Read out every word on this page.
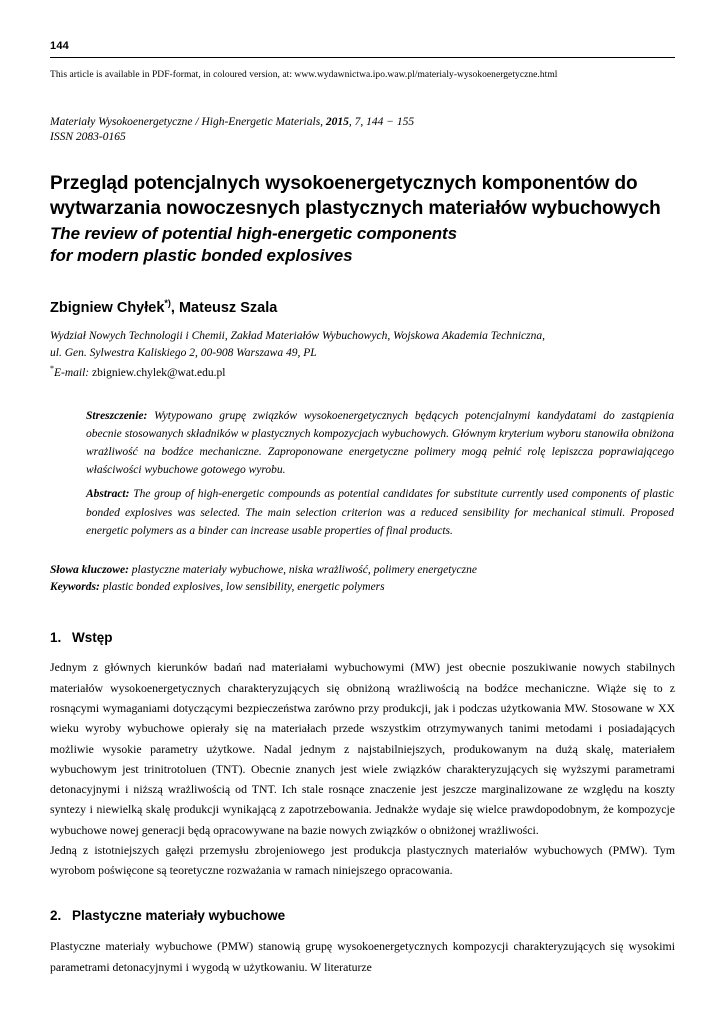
144

This article is available in PDF-format, in coloured version, at: www.wydawnictwa.ipo.waw.pl/materialy-wysokoenergetyczne.html

Materiały Wysokoenergetyczne / High-Energetic Materials, 2015, 7, 144 − 155

ISSN 2083-0165

Przegląd potencjalnych wysokoenergetycznych komponentów do wytwarzania nowoczesnych plastycznych materiałów wybuchowych
The review of potential high-energetic components
for modern plastic bonded explosives
Zbigniew Chyłek*), Mateusz Szala

Wydział Nowych Technologii i Chemii, Zakład Materiałów Wybuchowych, Wojskowa Akademia Techniczna,

ul. Gen. Sylwestra Kaliskiego 2, 00-908 Warszawa 49, PL

*E-mail: zbigniew.chylek@wat.edu.pl

Streszczenie: Wytypowano grupę związków wysokoenergetycznych będących potencjalnymi kandydatami do zastąpienia obecnie stosowanych składników w plastycznych kompozycjach wybuchowych. Głównym kryterium wyboru stanowiła obniżona wrażliwość na bodźce mechaniczne. Zaproponowane energetyczne polimery mogą pełnić rolę lepiszcza poprawiającego właściwości wybuchowe gotowego wyrobu.

Abstract: The group of high-energetic compounds as potential candidates for substitute currently used components of plastic bonded explosives was selected. The main selection criterion was a reduced sensibility for mechanical stimuli. Proposed energetic polymers as a binder can increase usable properties of final products.

Słowa kluczowe: plastyczne materiały wybuchowe, niska wrażliwość, polimery energetyczne

Keywords: plastic bonded explosives, low sensibility, energetic polymers

1. Wstęp

Jednym z głównych kierunków badań nad materiałami wybuchowymi (MW) jest obecnie poszukiwanie nowych stabilnych materiałów wysokoenergetycznych charakteryzujących się obniżoną wrażliwością na bodźce mechaniczne. Wiąże się to z rosnącymi wymaganiami dotyczącymi bezpieczeństwa zarówno przy produkcji, jak i podczas użytkowania MW. Stosowane w XX wieku wyroby wybuchowe opierały się na materiałach przede wszystkim otrzymywanych tanimi metodami i posiadających możliwie wysokie parametry użytkowe. Nadal jednym z najstabilniejszych, produkowanym na dużą skalę, materiałem wybuchowym jest trinitrotoluen (TNT). Obecnie znanych jest wiele związków charakteryzujących się wyższymi parametrami detonacyjnymi i niższą wrażliwością od TNT. Ich stale rosnące znaczenie jest jeszcze marginalizowane ze względu na koszty syntezy i niewielką skalę produkcji wynikającą z zapotrzebowania. Jednakże wydaje się wielce prawdopodobnym, że kompozycje wybuchowe nowej generacji będą opracowywane na bazie nowych związków o obniżonej wrażliwości.

Jedną z istotniejszych gałęzi przemysłu zbrojeniowego jest produkcja plastycznych materiałów wybuchowych (PMW). Tym wyrobom poświęcone są teoretyczne rozważania w ramach niniejszego opracowania.

2. Plastyczne materiały wybuchowe

Plastyczne materiały wybuchowe (PMW) stanowią grupę wysokoenergetycznych kompozycji charakteryzujących się wysokimi parametrami detonacyjnymi i wygodą w użytkowaniu. W literaturze
